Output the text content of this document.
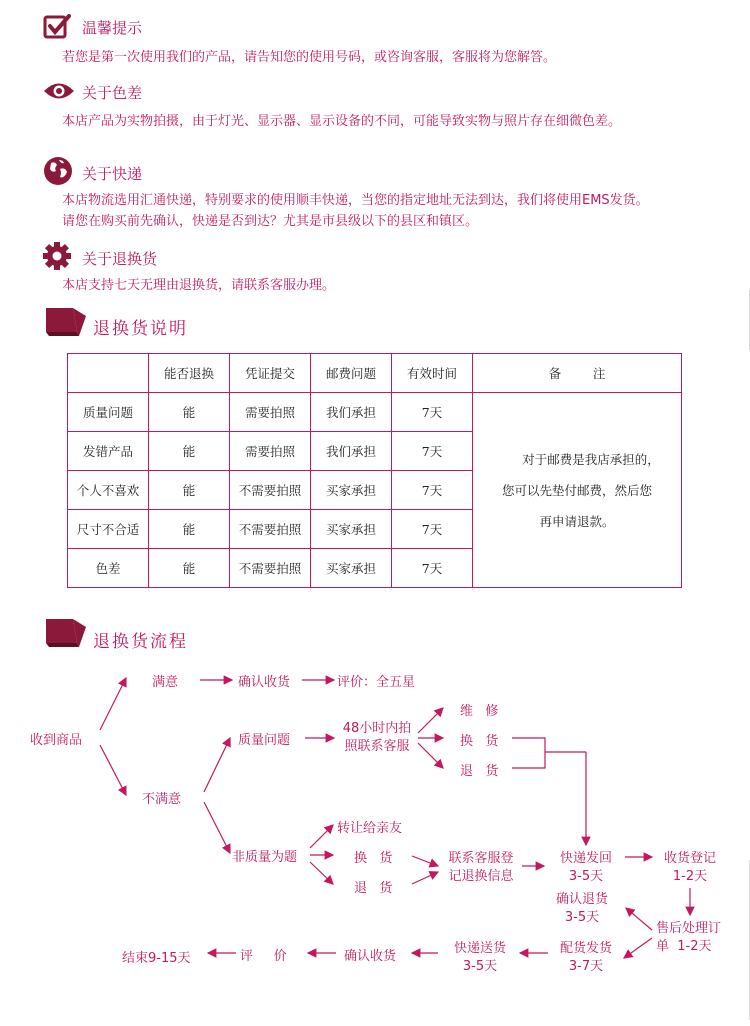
温馨提示
若您是第一次使用我们的产品，请告知您的使用号码，或咨询客服，客服将为您解答。
关于色差
本店产品为实物拍摄，由于灯光、显示器、显示设备的不同，可能导致实物与照片存在细微色差。
关于快递
本店物流选用汇通快递，特别要求的使用顺丰快递，当您的指定地址无法到达，我们将使用EMS发货。
请您在购买前先确认，快递是否到达？尤其是市县级以下的县区和镇区。
关于退换货
本店支持七天无理由退换货，请联系客服办理。
退换货说明
	能否退换	凭证提交	邮费问题	有效时间	备        注
质量问题	能	需要拍照	我们承担	7天	对于邮费是我店承担的，
您可以先垫付邮费，然后您
再申请退款。

发错产品	能	需要拍照	我们承担	7天	
个人不喜欢	能	不需要拍照	买家承担	7天	
尺寸不合适	能	不需要拍照	买家承担	7天	
色差	能	不需要拍照	买家承担	7天	
退换货流程
收到商品
满意	确认收货	评价：全五星
不满意
质量问题
48小时内拍
照联系客服
维   修
换   货
退   货
非质量为题
转让给亲友
换   货
退   货
联系客服登
记退换信息
快递发回
3-5天
收货登记
1-2天
确认退货
3-5天
售后处理订
单  1-2天
配货发货
3-7天
快递送货
3-5天
确认收货
评     价
结束9-15天
